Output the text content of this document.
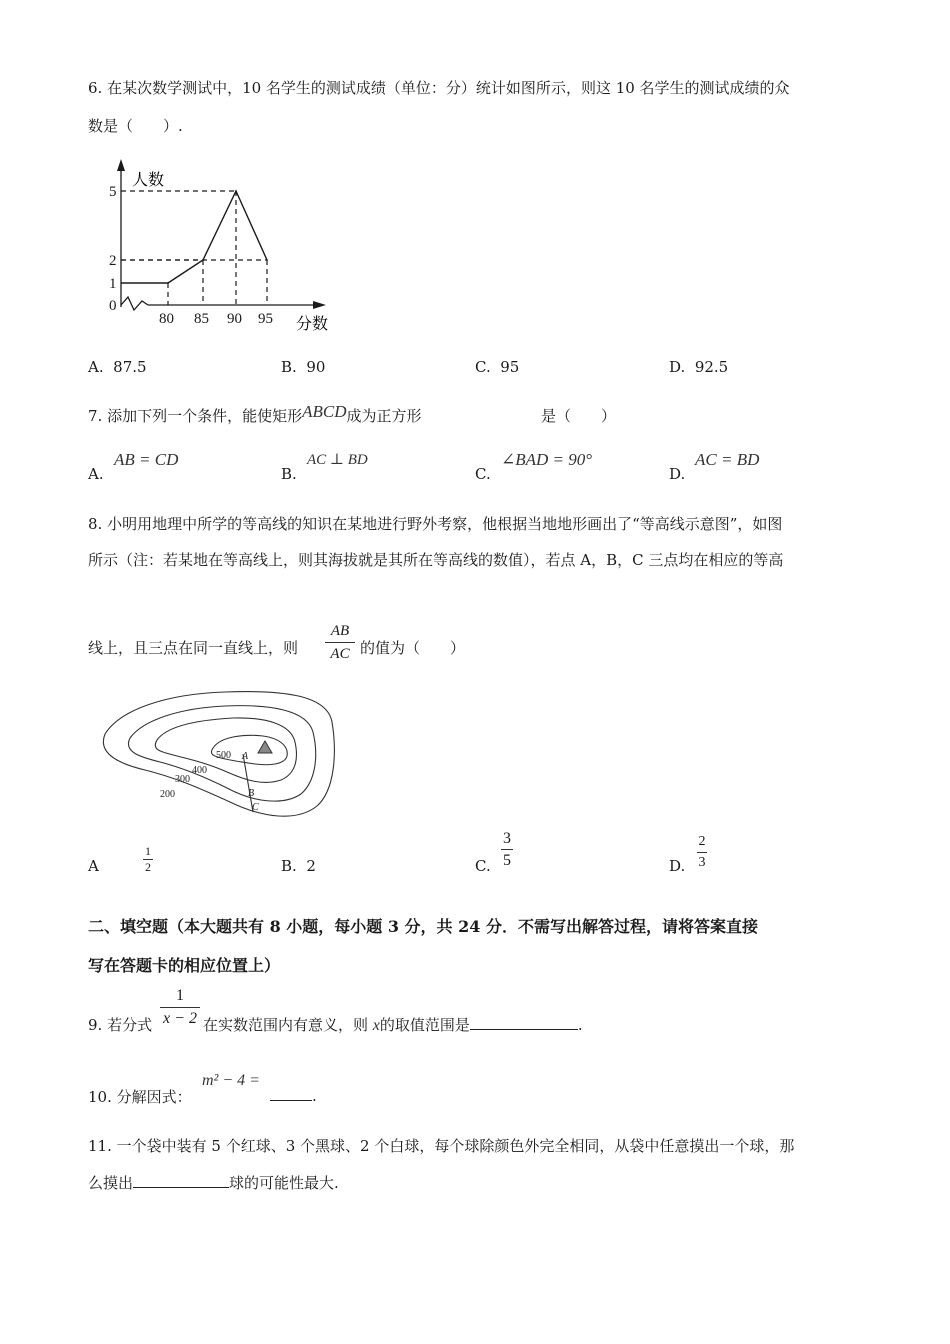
6. 在某次数学测试中，10 名学生的测试成绩（单位：分）统计如图所示，则这 10 名学生的测试成绩的众
数是（　　）.
80 85 90 95
0
1
2
5
人数
分数
A. 87.5	B. 90	C. 95	D. 92.5
7. 添加下列一个条件，能使矩形ABCD成为正方形	是（　　）
A.
AB = CD
B.
AC ⊥ BD
C.
∠BAD = 90°
D.
AC = BD
8. 小明用地理中所学的等高线的知识在某地进行野外考察，他根据当地地形画出了“等高线示意图”，如图
所示（注：若某地在等高线上，则其海拔就是其所在等高线的数值），若点 A，B，C 三点均在相应的等高
线上，且三点在同一直线上，则
AB
AC 的值为（　　）
500
400
300
200
A
B
C
A
1
2	B. 2	C.
3
5	D.
2
3
二、填空题（本大题共有 8 小题，每小题 3 分，共 24 分．不需写出解答过程，请将答案直接
写在答题卡的相应位置上）
9. 若分式
1
x − 2 在实数范围内有意义，则 x的取值范围是	.
10. 分解因式：
m² − 4 =
.
11. 一个袋中装有 5 个红球、3 个黑球、2 个白球，每个球除颜色外完全相同，从袋中任意摸出一个球，那
么摸出	球的可能性最大.
